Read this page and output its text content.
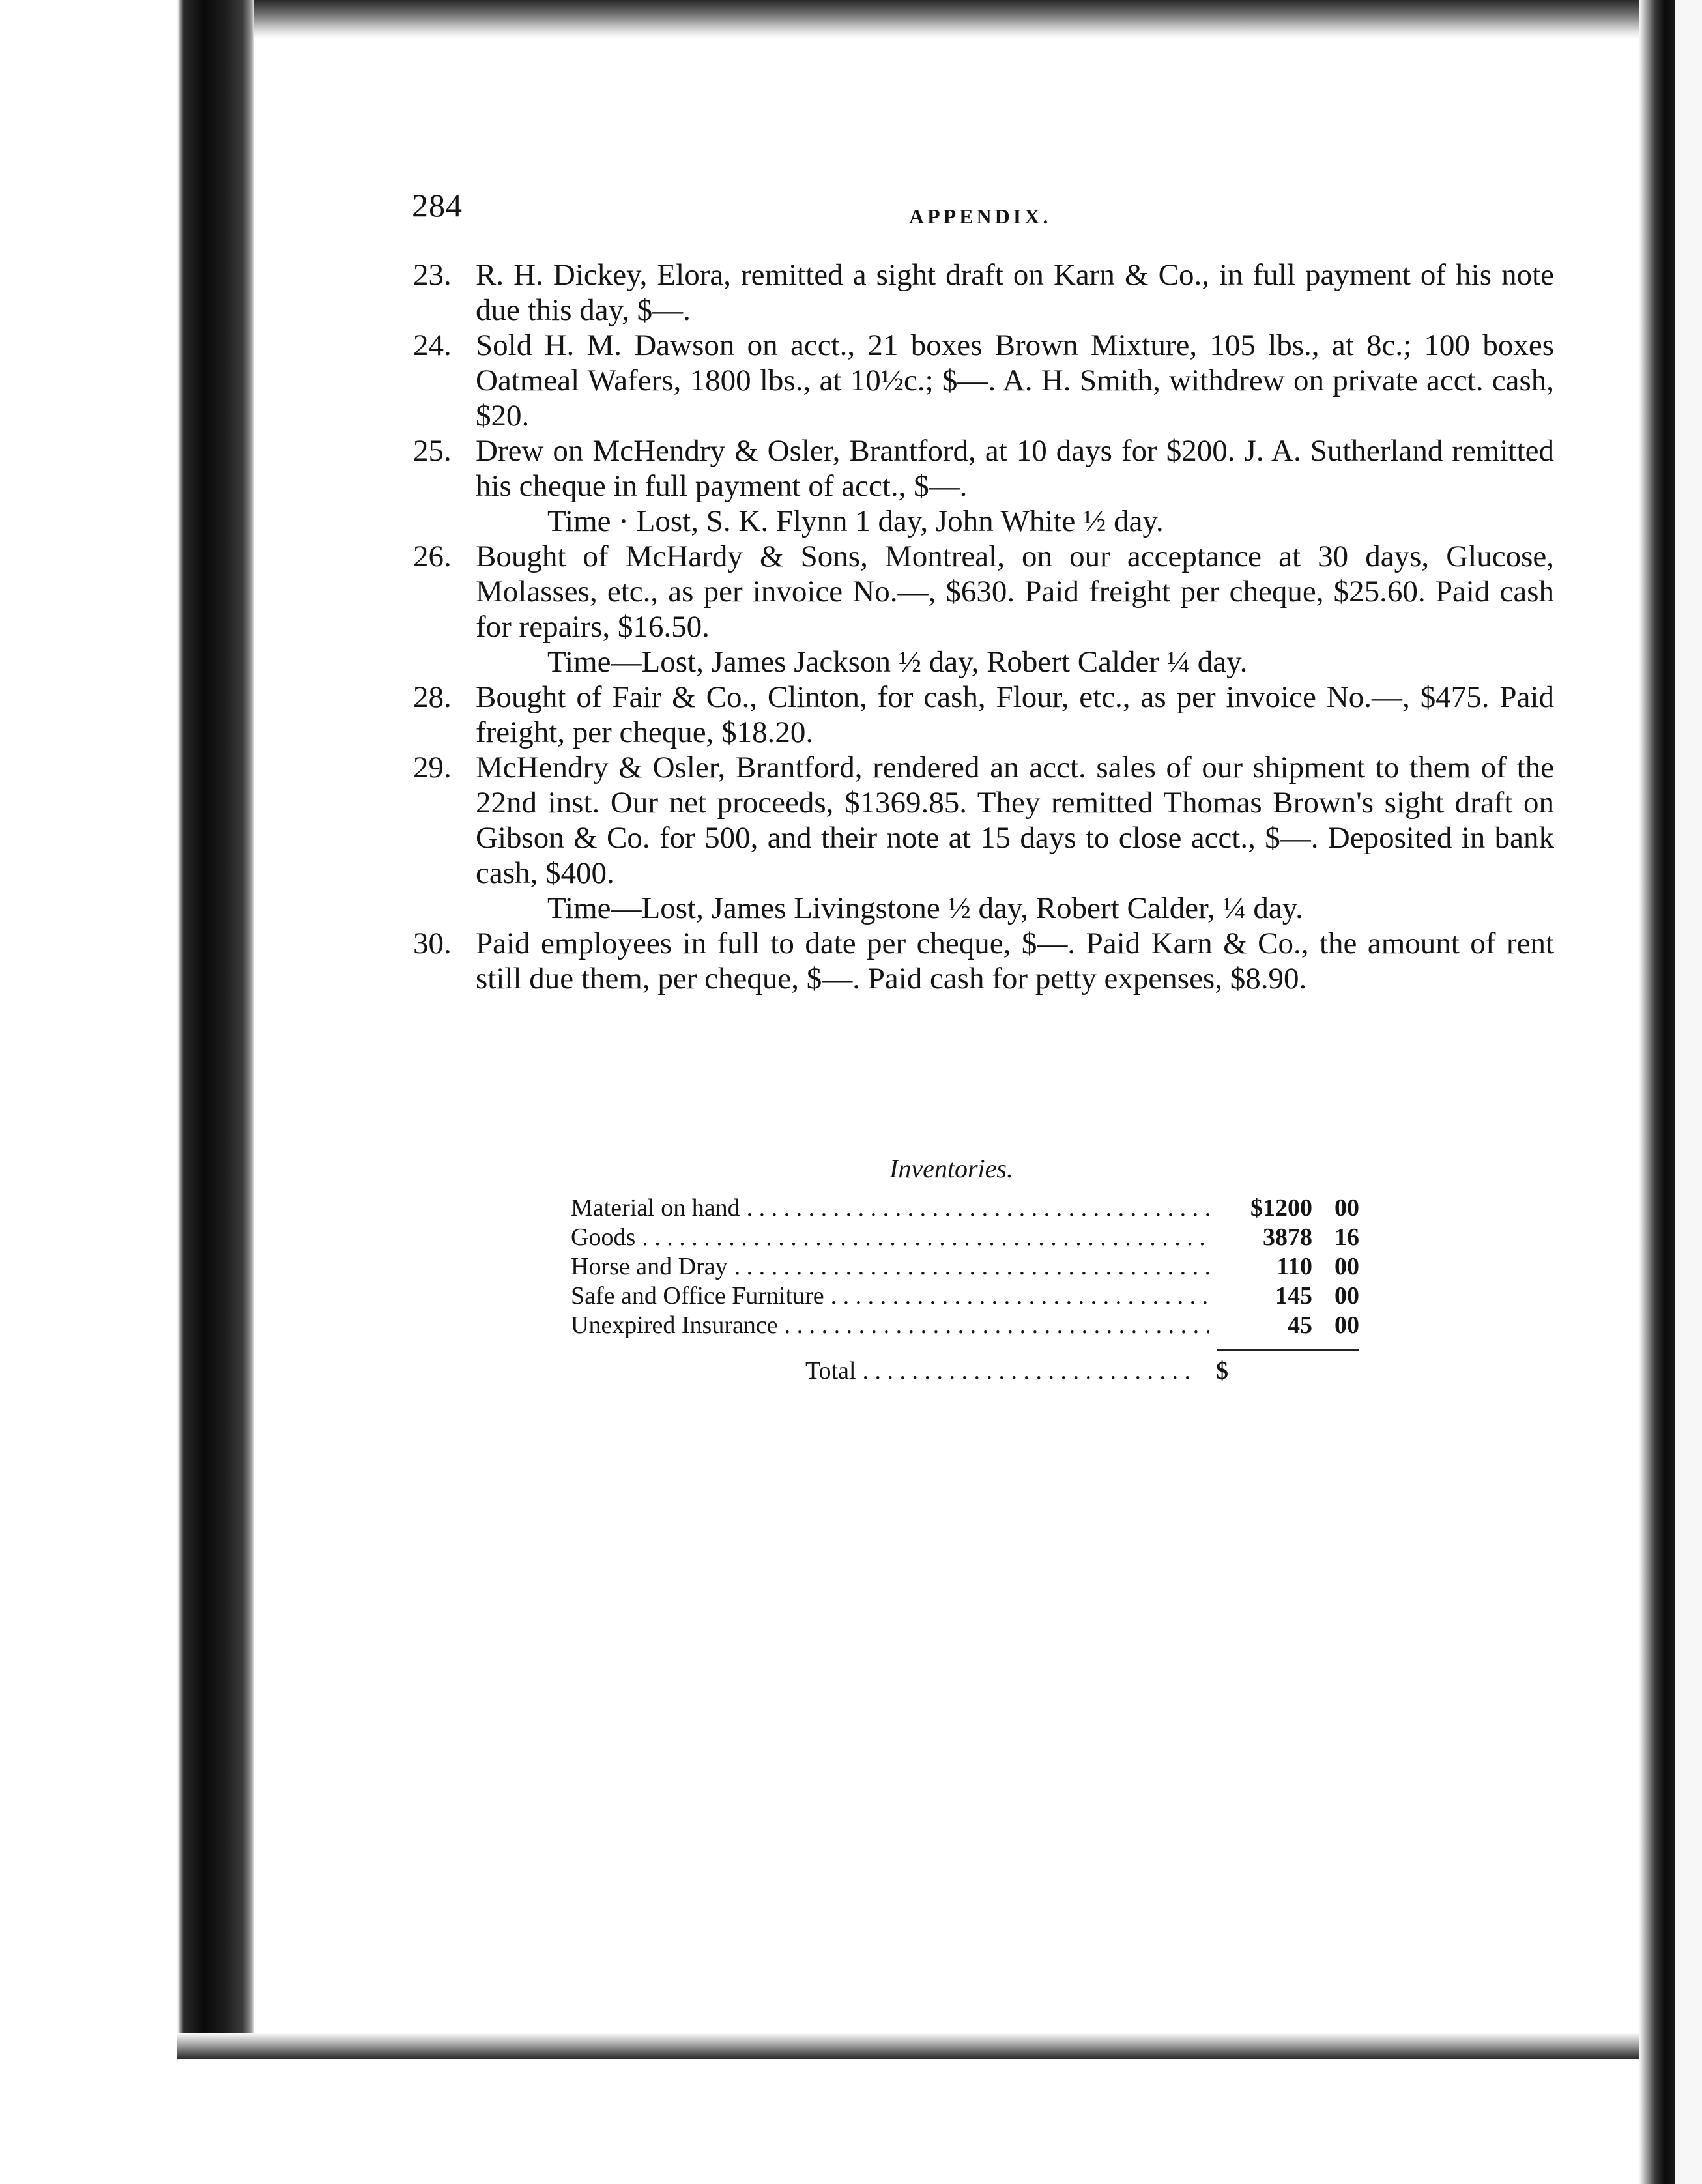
284	APPENDIX.
23. R. H. Dickey, Elora, remitted a sight draft on Karn & Co., in full payment of his note due this day, $—.
24. Sold H. M. Dawson on acct., 21 boxes Brown Mixture, 105 lbs., at 8c.; 100 boxes Oatmeal Wafers, 1800 lbs., at 10½c.; $—. A. H. Smith, withdrew on private acct. cash, $20.
25. Drew on McHendry & Osler, Brantford, at 10 days for $200. J. A. Sutherland remitted his cheque in full payment of acct., $—.
Time · Lost, S. K. Flynn 1 day, John White ½ day.
26. Bought of McHardy & Sons, Montreal, on our acceptance at 30 days, Glucose, Molasses, etc., as per invoice No.—, $630. Paid freight per cheque, $25.60. Paid cash for repairs, $16.50.
Time—Lost, James Jackson ½ day, Robert Calder ¼ day.
28. Bought of Fair & Co., Clinton, for cash, Flour, etc., as per invoice No.—, $475. Paid freight, per cheque, $18.20.
29. McHendry & Osler, Brantford, rendered an acct. sales of our shipment to them of the 22nd inst. Our net proceeds, $1369.85. They remitted Thomas Brown's sight draft on Gibson & Co. for 500, and their note at 15 days to close acct., $—. Deposited in bank cash, $400.
Time—Lost, James Livingstone ½ day, Robert Calder, ¼ day.
30. Paid employees in full to date per cheque, $—. Paid Karn & Co., the amount of rent still due them, per cheque, $—. Paid cash for petty expenses, $8.90.
Inventories.
Material on hand . . .	$1200 00
Goods . . .	3878 16
Horse and Dray . . .	110 00
Safe and Office Furniture . . .	145 00
Unexpired Insurance . . .	45 00
Total . . .	$
